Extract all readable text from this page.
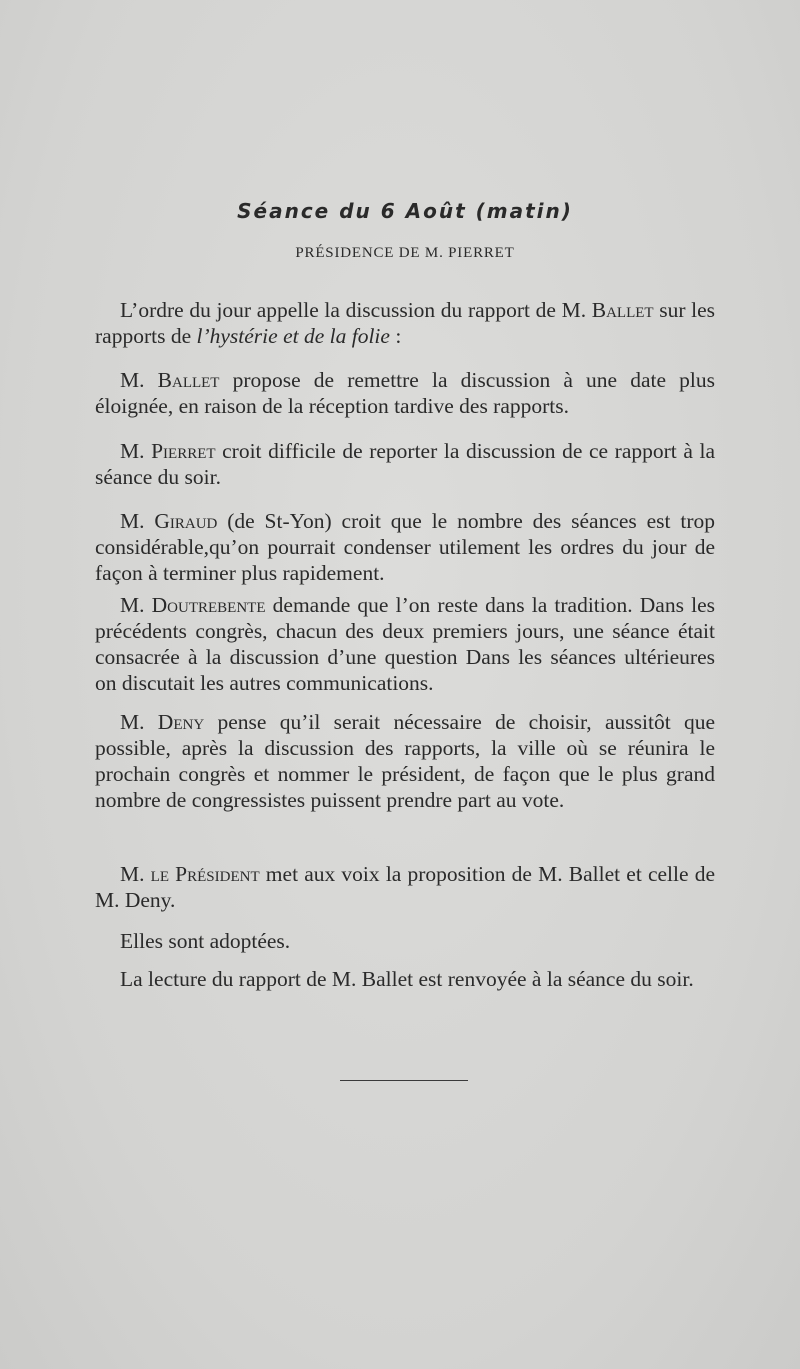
Séance du 6 Août (matin)
PRÉSIDENCE DE M. PIERRET

L’ordre du jour appelle la discussion du rapport de M. Ballet sur les rapports de l’hystérie et de la folie :

M. Ballet propose de remettre la discussion à une date plus éloignée, en raison de la réception tardive des rapports.

M. Pierret croit difficile de reporter la discussion de ce rapport à la séance du soir.

M. Giraud (de St-Yon) croit que le nombre des séances est trop considérable,qu’on pourrait condenser utilement les ordres du jour de façon à terminer plus rapidement.

M. Doutrebente demande que l’on reste dans la tradition. Dans les précédents congrès, chacun des deux premiers jours, une séance était consacrée à la discussion d’une question Dans les séances ultérieures on discutait les autres communications.

M. Deny pense qu’il serait nécessaire de choisir, aussitôt que possible, après la discussion des rapports, la ville où se réunira le prochain congrès et nommer le président, de façon que le plus grand nombre de congressistes puissent prendre part au vote.

M. le Président met aux voix la proposition de M. Ballet et celle de M. Deny.

Elles sont adoptées.

La lecture du rapport de M. Ballet est renvoyée à la séance du soir.
